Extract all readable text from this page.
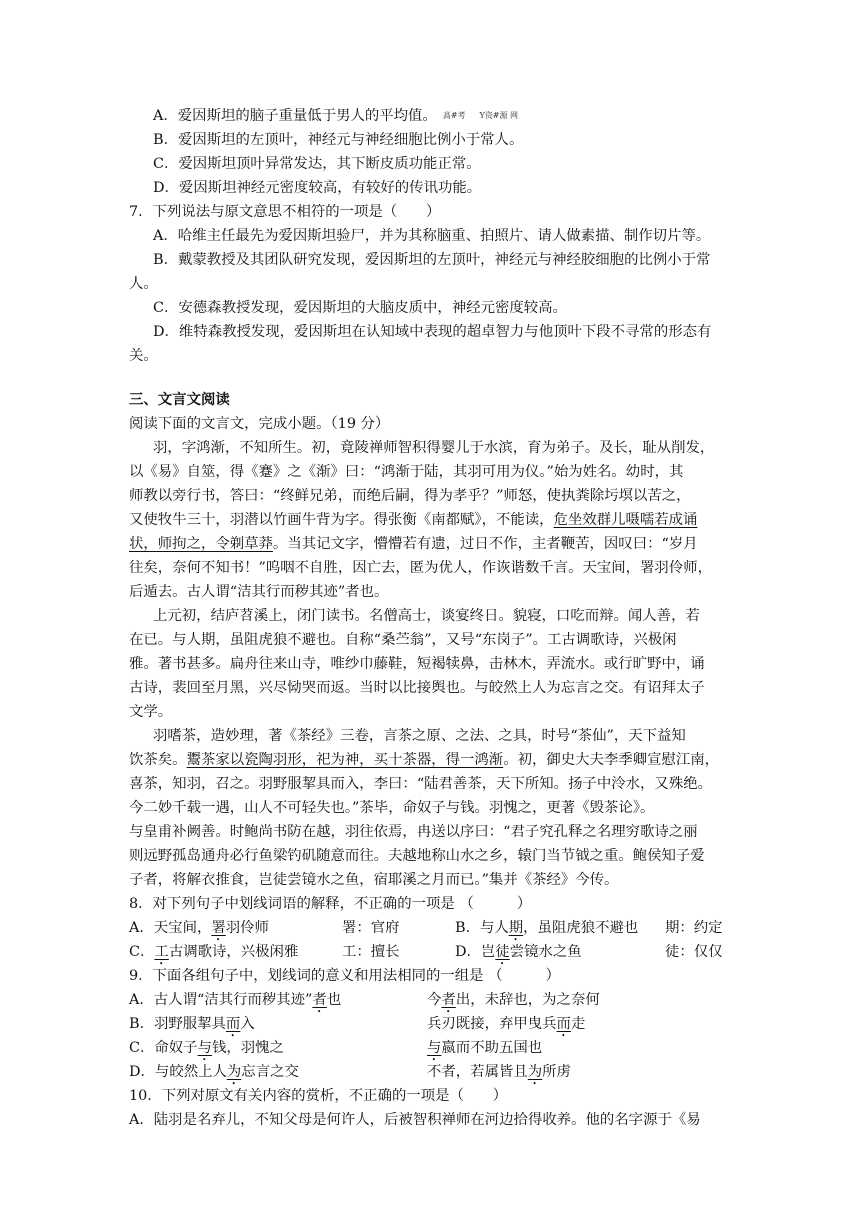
A．爱因斯坦的脑子重量低于男人的平均值。 高#考 Y资#源 网
B．爱因斯坦的左顶叶，神经元与神经细胞比例小于常人。
C．爱因斯坦顶叶异常发达，其下断皮质功能正常。
D．爱因斯坦神经元密度较高，有较好的传讯功能。
7．下列说法与原文意思不相符的一项是（　　）
A．哈维主任最先为爱因斯坦验尸，并为其称脑重、拍照片、请人做素描、制作切片等。
B．戴蒙教授及其团队研究发现，爱因斯坦的左顶叶，神经元与神经胶细胞的比例小于常
人。
C．安德森教授发现，爱因斯坦的大脑皮质中，神经元密度较高。
D．维特森教授发现，爱因斯坦在认知域中表现的超卓智力与他顶叶下段不寻常的形态有
关。
三、文言文阅读
阅读下面的文言文，完成小题。（19 分）
羽，字鸿渐，不知所生。初，竟陵禅师智积得婴儿于水滨，育为弟子。及长，耻从削发，
以《易》自筮，得《蹇》之《渐》曰：“鸿渐于陆，其羽可用为仪。”始为姓名。幼时，其
师教以旁行书，答曰：“终鲜兄弟，而绝后嗣，得为孝乎？”师怒，使执粪除圬塓以苦之，
又使牧牛三十，羽潜以竹画牛背为字。得张衡《南都赋》，不能读，危坐效群儿嗫嚅若成诵
状，师拘之，令剃草莽。当其记文字，懵懵若有遗，过日不作，主者鞭苦，因叹曰：“岁月
往矣，奈何不知书！”呜咽不自胜，因亡去，匿为优人，作诙谐数千言。天宝间，署羽伶师，
后遁去。古人谓“洁其行而秽其迹”者也。
上元初，结庐苕溪上，闭门读书。名僧高士，谈宴终日。貌寝，口吃而辩。闻人善，若
在已。与人期，虽阻虎狼不避也。自称“桑苎翁”，又号“东岗子”。工古调歌诗，兴极闲
雅。著书甚多。扁舟往来山寺，唯纱巾藤鞋，短褐犊鼻，击林木，弄流水。或行旷野中，诵
古诗，裴回至月黑，兴尽恸哭而返。当时以比接舆也。与皎然上人为忘言之交。有诏拜太子
文学。
羽嗜茶，造妙理，著《茶经》三卷，言茶之原、之法、之具，时号“茶仙”，天下益知
饮茶矣。鬻茶家以瓷陶羽形，祀为神，买十茶器，得一鸿渐。初，御史大夫李季卿宣慰江南，
喜茶，知羽，召之。羽野服挈具而入，李曰：“陆君善茶，天下所知。扬子中泠水，又殊绝。
今二妙千载一遇，山人不可轻失也。”茶毕，命奴子与钱。羽愧之，更著《毁茶论》。
与皇甫补阙善。时鲍尚书防在越，羽往依焉，冉送以序曰：“君子究孔释之名理穷歌诗之丽
则远野孤岛通舟必行鱼梁钓矶随意而往。夫越地称山水之乡，辕门当节钺之重。鲍侯知子爱
子者，将解衣推食，岂徒尝镜水之鱼，宿耶溪之月而已。”集并《茶经》今传。
8．对下列句子中划线词语的解释，不正确的一项是 （　　　）
A．天宝间，署羽伶师	署：官府	B．与人期，虽阻虎狼不避也 期：约定
C．工古调歌诗，兴极闲雅	工：擅长	D．岂徒尝镜水之鱼	徒：仅仅
9．下面各组句子中，划线词的意义和用法相同的一组是 （　　　）
A．古人谓“洁其行而秽其迹”者也	今者出，未辞也，为之奈何
B．羽野服挈具而入	兵刃既接，弃甲曳兵而走
C．命奴子与钱，羽愧之	与嬴而不助五国也
D．与皎然上人为忘言之交	不者，若属皆且为所虏
10．下列对原文有关内容的赏析，不正确的一项是（　　）
A．陆羽是名弃儿，不知父母是何许人，后被智积禅师在河边拾得收养。他的名字源于《易
